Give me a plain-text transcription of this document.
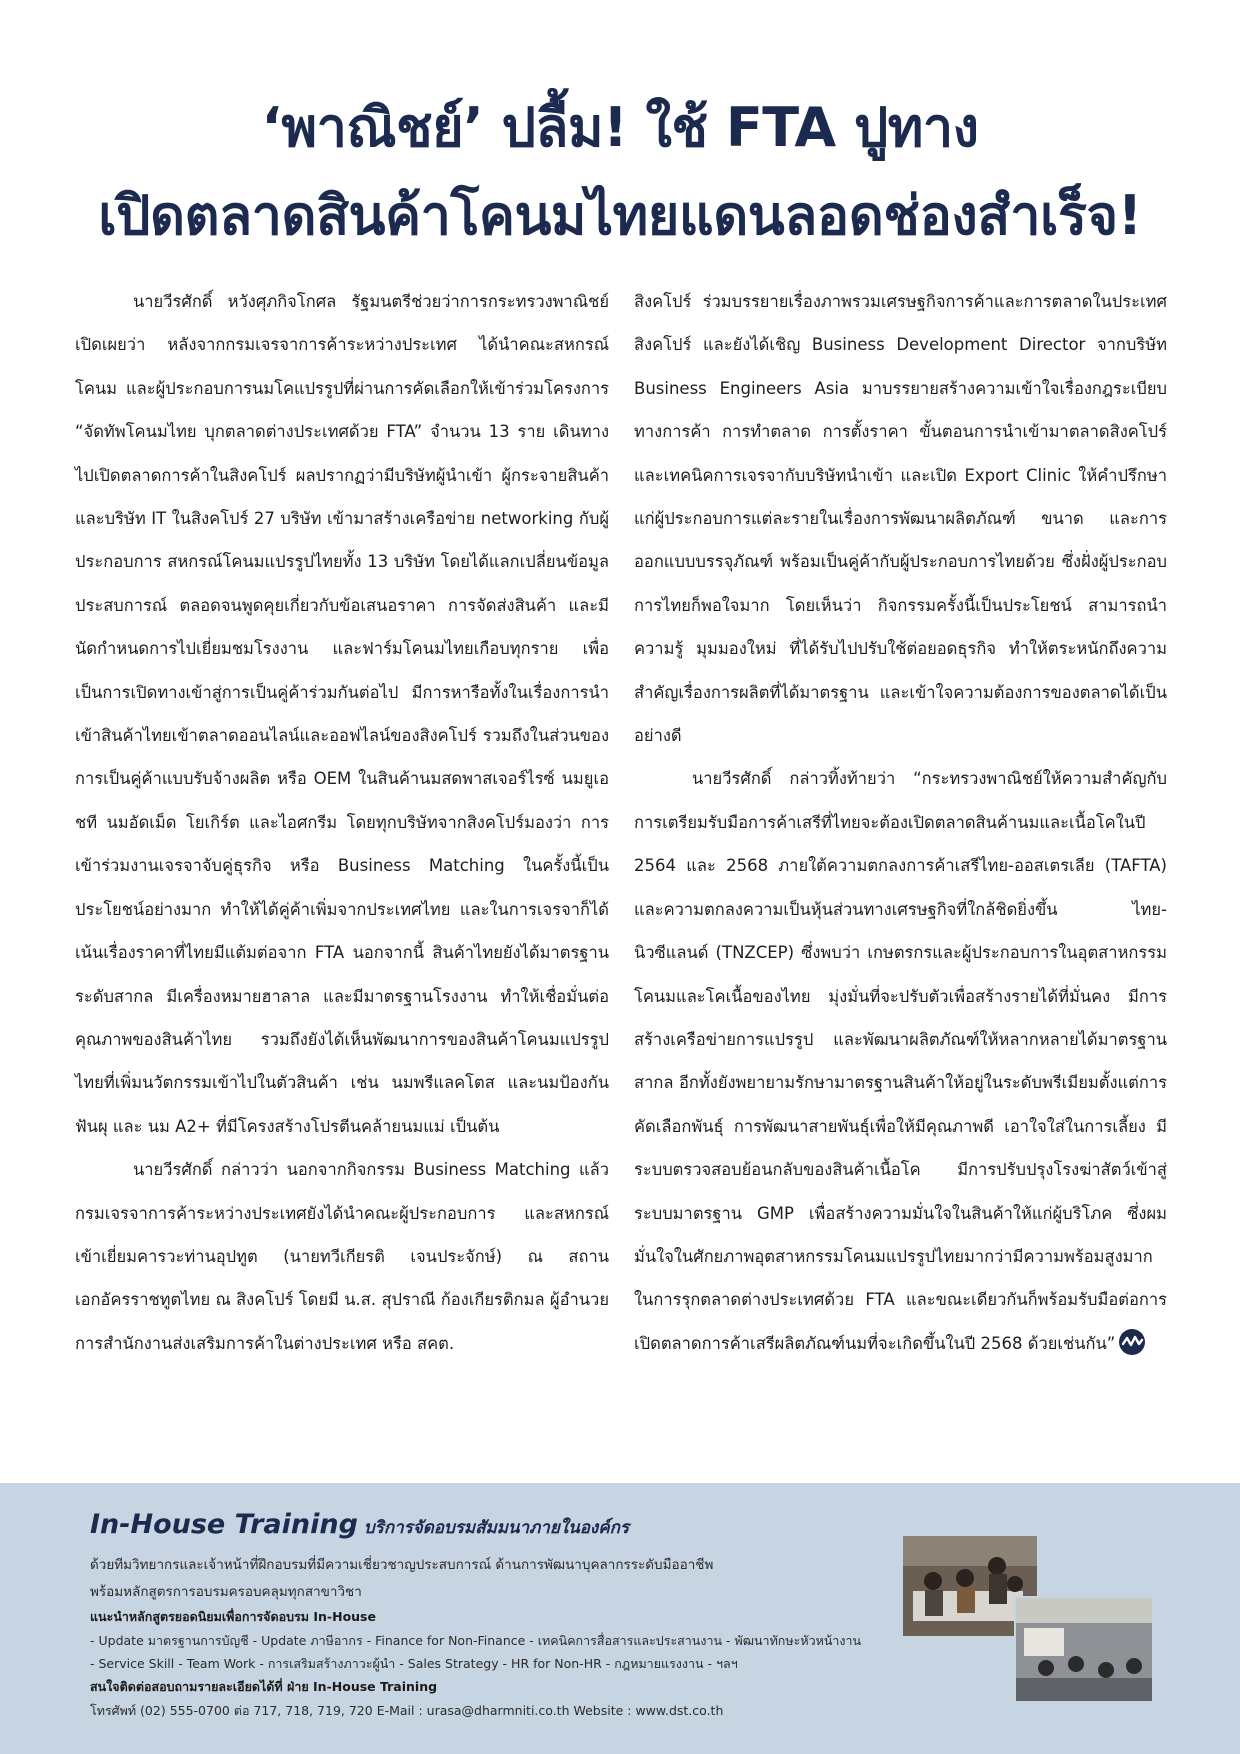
‘พาณิชย์’ ปลื้ม! ใช้ FTA ปูทาง
เปิดตลาดสินค้าโคนมไทยแดนลอดช่องสำเร็จ!

นายวีรศักดิ์ หวังศุภกิจโกศล รัฐมนตรีช่วยว่าการกระทรวงพาณิชย์ เปิดเผยว่า หลังจากกรมเจรจาการค้าระหว่างประเทศ ได้นำคณะสหกรณ์โคนม และผู้ประกอบการนมโคแปรรูปที่ผ่านการคัดเลือกให้เข้าร่วมโครงการ “จัดทัพโคนมไทย บุกตลาดต่างประเทศด้วย FTA” จำนวน 13 ราย เดินทางไปเปิดตลาดการค้าในสิงคโปร์ ผลปรากฏว่ามีบริษัทผู้นำเข้า ผู้กระจายสินค้า และบริษัท IT ในสิงคโปร์ 27 บริษัท เข้ามาสร้างเครือข่าย networking กับผู้ประกอบการ สหกรณ์โคนมแปรรูปไทยทั้ง 13 บริษัท โดยได้แลกเปลี่ยนข้อมูล ประสบการณ์ ตลอดจนพูดคุยเกี่ยวกับข้อเสนอราคา การจัดส่งสินค้า และมีนัดกำหนดการไปเยี่ยมชมโรงงาน และฟาร์มโคนมไทยเกือบทุกราย เพื่อเป็นการเปิดทางเข้าสู่การเป็นคู่ค้าร่วมกันต่อไป มีการหารือทั้งในเรื่องการนำเข้าสินค้าไทยเข้าตลาดออนไลน์และออฟไลน์ของสิงคโปร์ รวมถึงในส่วนของการเป็นคู่ค้าแบบรับจ้างผลิต หรือ OEM ในสินค้านมสดพาสเจอร์ไรซ์ นมยูเอชที นมอัดเม็ด โยเกิร์ต และไอศกรีม โดยทุกบริษัทจากสิงคโปร์มองว่า การเข้าร่วมงานเจรจาจับคู่ธุรกิจ หรือ Business Matching ในครั้งนี้เป็นประโยชน์อย่างมาก ทำให้ได้คู่ค้าเพิ่มจากประเทศไทย และในการเจรจาก็ได้เน้นเรื่องราคาที่ไทยมีแต้มต่อจาก FTA นอกจากนี้ สินค้าไทยยังได้มาตรฐานระดับสากล มีเครื่องหมายฮาลาล และมีมาตรฐานโรงงาน ทำให้เชื่อมั่นต่อคุณภาพของสินค้าไทย รวมถึงยังได้เห็นพัฒนาการของสินค้าโคนมแปรรูปไทยที่เพิ่มนวัตกรรมเข้าไปในตัวสินค้า เช่น นมพรีแลคโตส และนมป้องกันฟันผุ และ นม A2+ ที่มีโครงสร้างโปรตีนคล้ายนมแม่ เป็นต้น

นายวีรศักดิ์ กล่าวว่า นอกจากกิจกรรม Business Matching แล้ว กรมเจรจาการค้าระหว่างประเทศยังได้นำคณะผู้ประกอบการ และสหกรณ์ เข้าเยี่ยมคารวะท่านอุปทูต (นายทวีเกียรติ เจนประจักษ์) ณ สถานเอกอัครราชทูตไทย ณ สิงคโปร์ โดยมี น.ส. สุปราณี ก้องเกียรติกมล ผู้อำนวยการสำนักงานส่งเสริมการค้าในต่างประเทศ หรือ สคต.

สิงคโปร์ ร่วมบรรยายเรื่องภาพรวมเศรษฐกิจการค้าและการตลาดในประเทศสิงคโปร์ และยังได้เชิญ Business Development Director จากบริษัท Business Engineers Asia มาบรรยายสร้างความเข้าใจเรื่องกฎระเบียบทางการค้า การทำตลาด การตั้งราคา ขั้นตอนการนำเข้ามาตลาดสิงคโปร์ และเทคนิคการเจรจากับบริษัทนำเข้า และเปิด Export Clinic ให้คำปรึกษาแก่ผู้ประกอบการแต่ละรายในเรื่องการพัฒนาผลิตภัณฑ์ ขนาด และการออกแบบบรรจุภัณฑ์ พร้อมเป็นคู่ค้ากับผู้ประกอบการไทยด้วย ซึ่งฝั่งผู้ประกอบการไทยก็พอใจมาก โดยเห็นว่า กิจกรรมครั้งนี้เป็นประโยชน์ สามารถนำความรู้ มุมมองใหม่ ที่ได้รับไปปรับใช้ต่อยอดธุรกิจ ทำให้ตระหนักถึงความสำคัญเรื่องการผลิตที่ได้มาตรฐาน และเข้าใจความต้องการของตลาดได้เป็นอย่างดี

นายวีรศักดิ์ กล่าวทิ้งท้ายว่า “กระทรวงพาณิชย์ให้ความสำคัญกับการเตรียมรับมือการค้าเสรีที่ไทยจะต้องเปิดตลาดสินค้านมและเนื้อโคในปี 2564 และ 2568 ภายใต้ความตกลงการค้าเสรีไทย-ออสเตรเลีย (TAFTA) และความตกลงความเป็นหุ้นส่วนทางเศรษฐกิจที่ใกล้ชิดยิ่งขึ้น ไทย-นิวซีแลนด์ (TNZCEP) ซึ่งพบว่า เกษตรกรและผู้ประกอบการในอุตสาหกรรมโคนมและโคเนื้อของไทย มุ่งมั่นที่จะปรับตัวเพื่อสร้างรายได้ที่มั่นคง มีการสร้างเครือข่ายการแปรรูป และพัฒนาผลิตภัณฑ์ให้หลากหลายได้มาตรฐานสากล อีกทั้งยังพยายามรักษามาตรฐานสินค้าให้อยู่ในระดับพรีเมียมตั้งแต่การคัดเลือกพันธุ์ การพัฒนาสายพันธุ์เพื่อให้มีคุณภาพดี เอาใจใส่ในการเลี้ยง มีระบบตรวจสอบย้อนกลับของสินค้าเนื้อโค มีการปรับปรุงโรงฆ่าสัตว์เข้าสู่ระบบมาตรฐาน GMP เพื่อสร้างความมั่นใจในสินค้าให้แก่ผู้บริโภค ซึ่งผมมั่นใจในศักยภาพอุตสาหกรรมโคนมแปรรูปไทยมากว่ามีความพร้อมสูงมากในการรุกตลาดต่างประเทศด้วย FTA และขณะเดียวกันก็พร้อมรับมือต่อการเปิดตลาดการค้าเสรีผลิตภัณฑ์นมที่จะเกิดขึ้นในปี 2568 ด้วยเช่นกัน”

In-House Training บริการจัดอบรมสัมมนาภายในองค์กร
ด้วยทีมวิทยากรและเจ้าหน้าที่ฝึกอบรมที่มีความเชี่ยวชาญประสบการณ์ ด้านการพัฒนาบุคลากรระดับมืออาชีพ
พร้อมหลักสูตรการอบรมครอบคลุมทุกสาขาวิชา
แนะนำหลักสูตรยอดนิยมเพื่อการจัดอบรม In-House
- Update มาตรฐานการบัญชี - Update ภาษีอากร - Finance for Non-Finance - เทคนิคการสื่อสารและประสานงาน - พัฒนาทักษะหัวหน้างาน
- Service Skill - Team Work - การเสริมสร้างภาวะผู้นำ - Sales Strategy - HR for Non-HR - กฎหมายแรงงาน - ฯลฯ
สนใจติดต่อสอบถามรายละเอียดได้ที่ ฝ่าย In-House Training
โทรศัพท์ (02) 555-0700 ต่อ 717, 718, 719, 720 E-Mail : urasa@dharmniti.co.th Website : www.dst.co.th
